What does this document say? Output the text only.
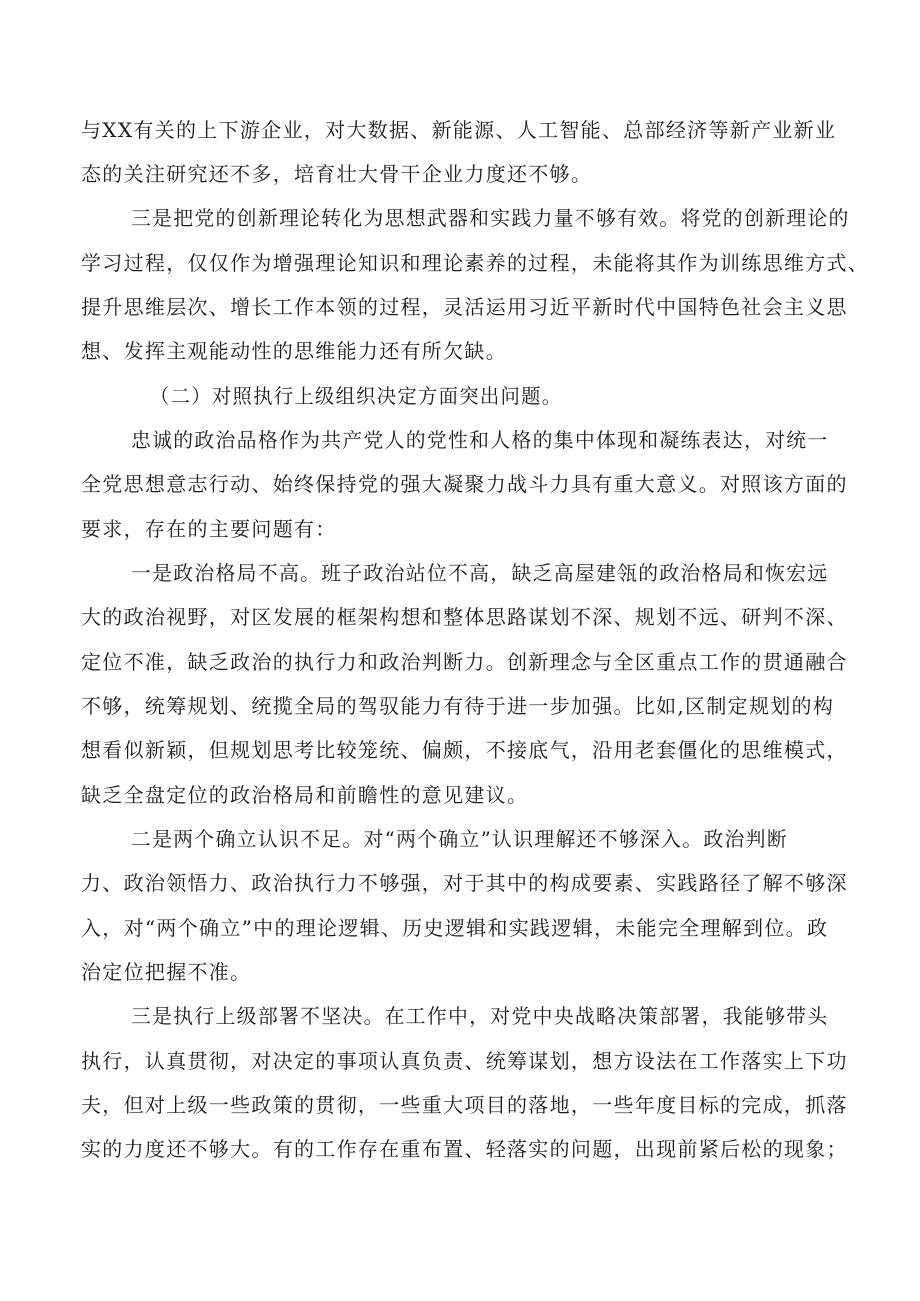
与XX有关的上下游企业，对大数据、新能源、人工智能、总部经济等新产业新业

态的关注研究还不多，培育壮大骨干企业力度还不够。

三是把党的创新理论转化为思想武器和实践力量不够有效。将党的创新理论的

学习过程，仅仅作为增强理论知识和理论素养的过程，未能将其作为训练思维方式、

提升思维层次、增长工作本领的过程，灵活运用习近平新时代中国特色社会主义思

想、发挥主观能动性的思维能力还有所欠缺。

（二）对照执行上级组织决定方面突出问题。

忠诚的政治品格作为共产党人的党性和人格的集中体现和凝练表达，对统一

全党思想意志行动、始终保持党的强大凝聚力战斗力具有重大意义。对照该方面的

要求，存在的主要问题有：

一是政治格局不高。班子政治站位不高，缺乏高屋建瓴的政治格局和恢宏远

大的政治视野，对区发展的框架构想和整体思路谋划不深、规划不远、研判不深、

定位不准，缺乏政治的执行力和政治判断力。创新理念与全区重点工作的贯通融合

不够，统筹规划、统揽全局的驾驭能力有待于进一步加强。比如,区制定规划的构

想看似新颖，但规划思考比较笼统、偏颇，不接底气，沿用老套僵化的思维模式，

缺乏全盘定位的政治格局和前瞻性的意见建议。

二是两个确立认识不足。对“两个确立”认识理解还不够深入。政治判断

力、政治领悟力、政治执行力不够强，对于其中的构成要素、实践路径了解不够深

入，对“两个确立”中的理论逻辑、历史逻辑和实践逻辑，未能完全理解到位。政

治定位把握不准。

三是执行上级部署不坚决。在工作中，对党中央战略决策部署，我能够带头

执行，认真贯彻，对决定的事项认真负责、统筹谋划，想方设法在工作落实上下功

夫，但对上级一些政策的贯彻，一些重大项目的落地，一些年度目标的完成，抓落

实的力度还不够大。有的工作存在重布置、轻落实的问题，出现前紧后松的现象；
